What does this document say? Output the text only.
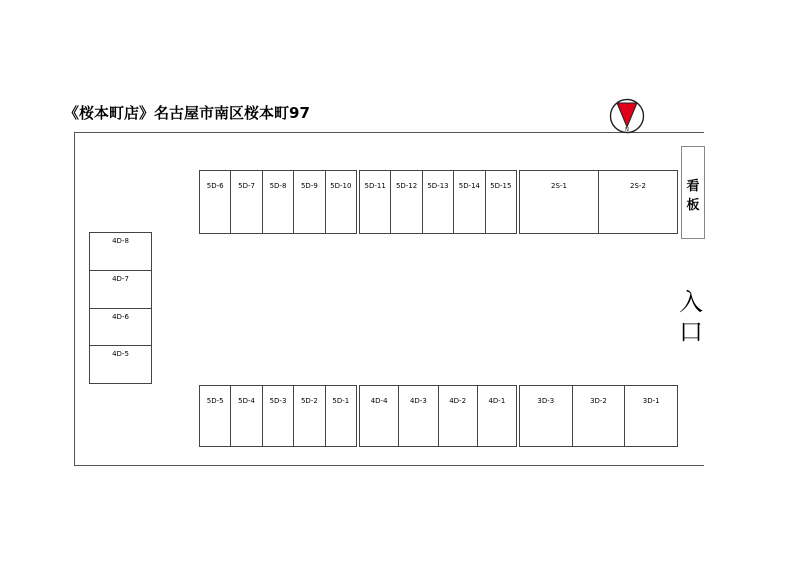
《桜本町店》名古屋市南区桜本町97
N
看
板
入
口
5D-6	5D-7	5D-8	5D-9	5D-10	5D-11	5D-12	5D-13	5D-14	5D-15	2S-1	2S-2
5D-5	5D-4	5D-3	5D-2	5D-1	4D-4	4D-3	4D-2	4D-1	3D-3	3D-2	3D-1
4D-8
4D-7
4D-6
4D-5
